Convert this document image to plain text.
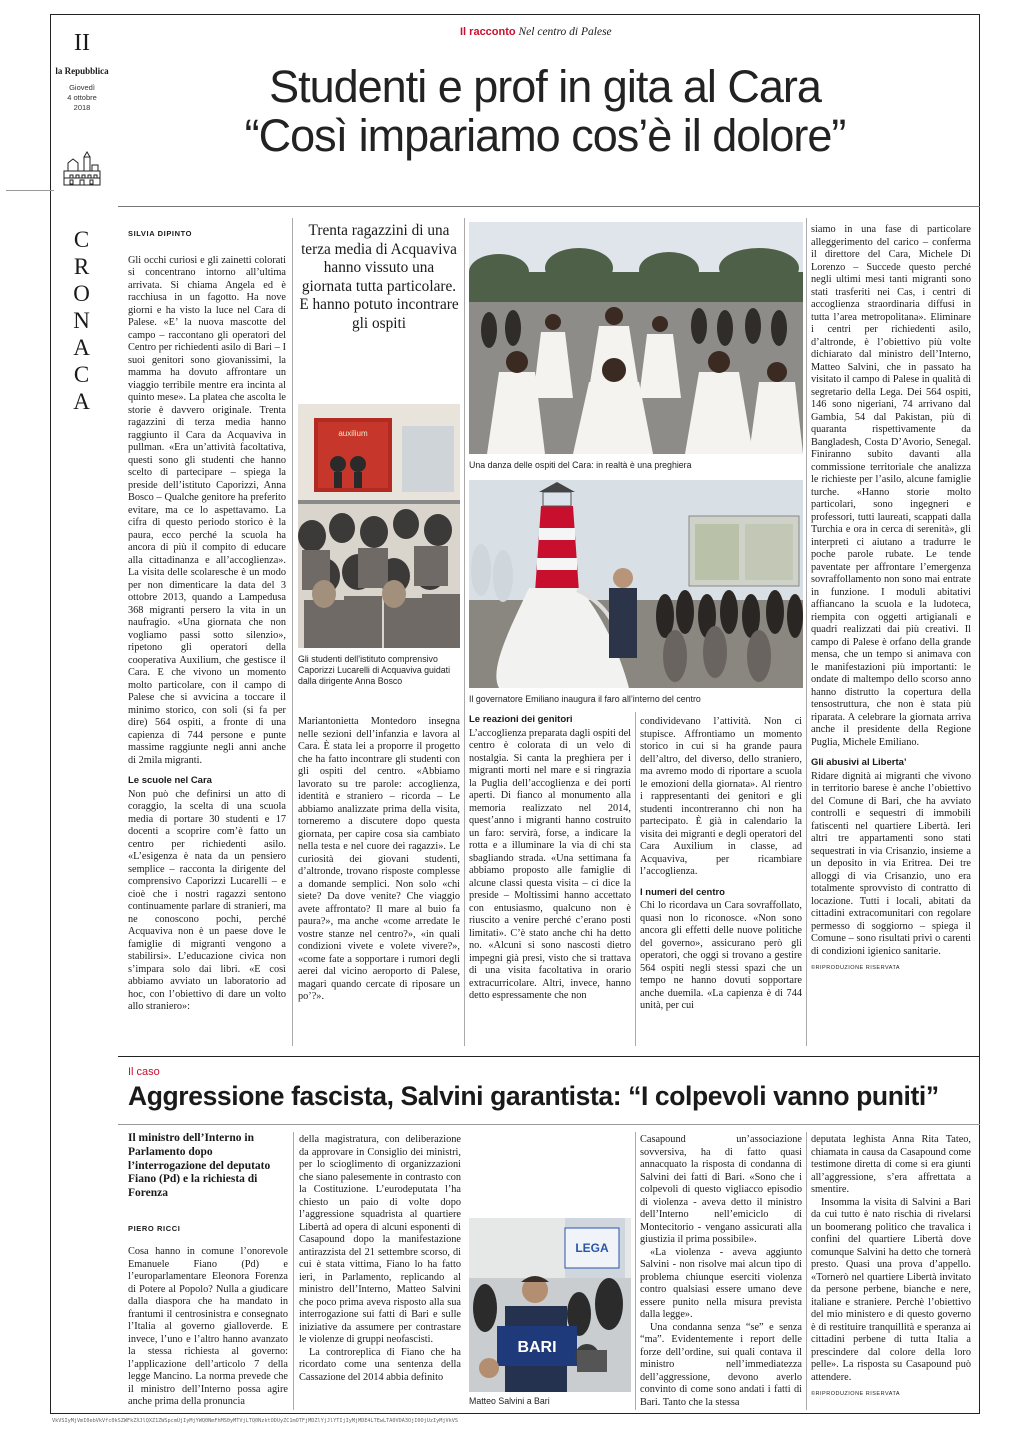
II
la Repubblica
Giovedì
4 ottobre
2018
C
R
O
N
A
C
A
Il racconto Nel centro di Palese
Studenti e prof in gita al Cara
“Così impariamo cos’è il dolore”
SILVIA DIPINTO

Gli occhi curiosi e gli zainetti colorati si concentrano intorno all’ultima arrivata. Si chiama Angela ed è racchiusa in un fagotto. Ha nove giorni e ha visto la luce nel Cara di Palese. «E’ la nuova mascotte del campo – raccontano gli operatori del Centro per richiedenti asilo di Bari – I suoi genitori sono giovanissimi, la mamma ha dovuto affrontare un viaggio terribile mentre era incinta al quinto mese». La platea che ascolta le storie è davvero originale. Trenta ragazzini di terza media hanno raggiunto il Cara da Acquaviva in pullman. «Era un’attività facoltativa, questi sono gli studenti che hanno scelto di partecipare – spiega la preside dell’istituto Caporizzi, Anna Bosco – Qualche genitore ha preferito evitare, ma ce lo aspettavamo. La cifra di questo periodo storico è la paura, ecco perché la scuola ha ancora di più il compito di educare alla cittadinanza e all’accoglienza». La visita delle scolaresche è un modo per non dimenticare la data del 3 ottobre 2013, quando a Lampedusa 368 migranti persero la vita in un naufragio. «Una giornata che non vogliamo passi sotto silenzio», ripetono gli operatori della cooperativa Auxilium, che gestisce il Cara. E che vivono un momento molto particolare, con il campo di Palese che si avvicina a toccare il minimo storico, con soli (si fa per dire) 564 ospiti, a fronte di una capienza di 744 persone e punte massime raggiunte negli anni anche di 2mila migranti.

Le scuole nel Cara

Non può che definirsi un atto di coraggio, la scelta di una scuola media di portare 30 studenti e 17 docenti a scoprire com’è fatto un centro per richiedenti asilo. «L’esigenza è nata da un pensiero semplice – racconta la dirigente del comprensivo Caporizzi Lucarelli – e cioè che i nostri ragazzi sentono continuamente parlare di stranieri, ma ne conoscono pochi, perché Acquaviva non è un paese dove le famiglie di migranti vengono a stabilirsi». L’educazione civica non s’impara solo dai libri. «E così abbiamo avviato un laboratorio ad hoc, con l’obiettivo di dare un volto allo straniero»:

Trenta ragazzini di una terza media di Acquaviva hanno vissuto una giornata tutta particolare. E hanno potuto incontrare gli ospiti
auxilium
Gli studenti dell’istituto comprensivo Caporizzi Lucarelli di Acquaviva guidati dalla dirigente Anna Bosco

Mariantonietta Montedoro insegna nelle sezioni dell’infanzia e lavora al Cara. È stata lei a proporre il progetto che ha fatto incontrare gli studenti con gli ospiti del centro. «Abbiamo lavorato su tre parole: accoglienza, identità e straniero – ricorda – Le abbiamo analizzate prima della visita, torneremo a discutere dopo questa giornata, per capire cosa sia cambiato nella testa e nel cuore dei ragazzi». Le curiosità dei giovani studenti, d’altronde, trovano risposte complesse a domande semplici. Non solo «chi siete? Da dove venite? Che viaggio avete affrontato? Il mare al buio fa paura?», ma anche «come arredate le vostre stanze nel centro?», «in quali condizioni vivete e volete vivere?», «come fate a sopportare i rumori degli aerei dal vicino aeroporto di Palese, magari quando cercate di riposare un po’?».

Una danza delle ospiti del Cara: in realtà è una preghiera
Il governatore Emiliano inaugura il faro all’interno del centro
Le reazioni dei genitori

L’accoglienza preparata dagli ospiti del centro è colorata di un velo di nostalgia. Si canta la preghiera per i migranti morti nel mare e si ringrazia la Puglia dell’accoglienza e dei porti aperti. Di fianco al monumento alla memoria realizzato nel 2014, quest’anno i migranti hanno costruito un faro: servirà, forse, a indicare la rotta e a illuminare la via di chi sta sbagliando strada. «Una settimana fa abbiamo proposto alle famiglie di alcune classi questa visita – ci dice la preside – Moltissimi hanno accettato con entusiasmo, qualcuno non è riuscito a venire perché c’erano posti limitati». C’è stato anche chi ha detto no. «Alcuni si sono nascosti dietro impegni già presi, visto che si trattava di una visita facoltativa in orario extracurricolare. Altri, invece, hanno detto espressamente che non

condividevano l’attività. Non ci stupisce. Affrontiamo un momento storico in cui si ha grande paura dell’altro, del diverso, dello straniero, ma avremo modo di riportare a scuola le emozioni della giornata». Al rientro i rappresentanti dei genitori e gli studenti incontreranno chi non ha partecipato. È già in calendario la visita dei migranti e degli operatori del Cara Auxilium in classe, ad Acquaviva, per ricambiare l’accoglienza.

I numeri del centro

Chi lo ricordava un Cara sovraffollato, quasi non lo riconosce. «Non sono ancora gli effetti delle nuove politiche del governo», assicurano però gli operatori, che oggi si trovano a gestire 564 ospiti negli stessi spazi che un tempo ne hanno dovuti sopportare anche duemila. «La capienza è di 744 unità, per cui

siamo in una fase di particolare alleggerimento del carico – conferma il direttore del Cara, Michele Di Lorenzo – Succede questo perché negli ultimi mesi tanti migranti sono stati trasferiti nei Cas, i centri di accoglienza straordinaria diffusi in tutta l’area metropolitana». Eliminare i centri per richiedenti asilo, d’altronde, è l’obiettivo più volte dichiarato dal ministro dell’Interno, Matteo Salvini, che in passato ha visitato il campo di Palese in qualità di segretario della Lega. Dei 564 ospiti, 146 sono nigeriani, 74 arrivano dal Gambia, 54 dal Pakistan, più di quaranta rispettivamente da Bangladesh, Costa D’Avorio, Senegal. Finiranno subito davanti alla commissione territoriale che analizza le richieste per l’asilo, alcune famiglie turche. «Hanno storie molto particolari, sono ingegneri e professori, tutti laureati, scappati dalla Turchia e ora in cerca di serenità», gli interpreti ci aiutano a tradurre le poche parole rubate. Le tende paventate per affrontare l’emergenza sovraffollamento non sono mai entrate in funzione. I moduli abitativi affiancano la scuola e la ludoteca, riempita con oggetti artigianali e quadri realizzati dai più creativi. Il campo di Palese è orfano della grande mensa, che un tempo si animava con le manifestazioni più importanti: le ondate di maltempo dello scorso anno hanno distrutto la copertura della tensostruttura, che non è stata più riparata. A celebrare la giornata arriva anche il presidente della Regione Puglia, Michele Emiliano.

Gli abusivi al Liberta’

Ridare dignità ai migranti che vivono in territorio barese è anche l’obiettivo del Comune di Bari, che ha avviato controlli e sequestri di immobili fatiscenti nel quartiere Libertà. Ieri altri tre appartamenti sono stati sequestrati in via Crisanzio, insieme a un deposito in via Eritrea. Dei tre alloggi di via Crisanzio, uno era totalmente sprovvisto di contratto di locazione. Tutti i locali, abitati da cittadini extracomunitari con regolare permesso di soggiorno – spiega il Comune – sono risultati privi o carenti di condizioni igienico sanitarie.

©RIPRODUZIONE RISERVATA
Il caso
Aggressione fascista, Salvini garantista: “I colpevoli vanno puniti”
Il ministro dell’Interno in Parlamento dopo l’interrogazione del deputato Fiano (Pd) e la richiesta di Forenza
PIERO RICCI

Cosa hanno in comune l’onorevole Emanuele Fiano (Pd) e l’europarlamentare Eleonora Forenza di Potere al Popolo? Nulla a giudicare dalla diaspora che ha mandato in frantumi il centrosinistra e consegnato l’Italia al governo gialloverde. E invece, l’uno e l’altro hanno avanzato la stessa richiesta al governo: l’applicazione dell’articolo 7 della legge Mancino. La norma prevede che il ministro dell’Interno possa agire anche prima della pronuncia

della magistratura, con deliberazione da approvare in Consiglio dei ministri, per lo scioglimento di organizzazioni che siano palesemente in contrasto con la Costituzione. L’eurodeputata l’ha chiesto un paio di volte dopo l’aggressione squadrista al quartiere Libertà ad opera di alcuni esponenti di Casapound dopo la manifestazione antirazzista del 21 settembre scorso, di cui è stata vittima, Fiano lo ha fatto ieri, in Parlamento, replicando al ministro dell’Interno, Matteo Salvini che poco prima aveva risposto alla sua interrogazione sui fatti di Bari e sulle iniziative da assumere per contrastare le violenze di gruppi neofascisti.

La controreplica di Fiano che ha ricordato come una sentenza della Cassazione del 2014 abbia definito

LEGA
BARI
Matteo Salvini a Bari

Casapound un’associazione sovversiva, ha di fatto quasi annacquato la risposta di condanna di Salvini dei fatti di Bari. «Sono che i colpevoli di questo vigliacco episodio di violenza - aveva detto il ministro dell’Interno nell’emiciclo di Montecitorio - vengano assicurati alla giustizia il prima possibile».

«La violenza - aveva aggiunto Salvini - non risolve mai alcun tipo di problema chiunque eserciti violenza contro qualsiasi essere umano deve essere punito nella misura prevista dalla legge».

Una condanna senza “se” e senza “ma”. Evidentemente i report delle forze dell’ordine, sui quali contava il ministro nell’immediatezza dell’aggressione, devono averlo convinto di come sono andati i fatti di Bari. Tanto che la stessa

deputata leghista Anna Rita Tateo, chiamata in causa da Casapound come testimone diretta di come si era giunti all’aggressione, s’era affrettata a smentire.

Insomma la visita di Salvini a Bari da cui tutto è nato rischia di rivelarsi un boomerang politico che travalica i confini del quartiere Libertà dove comunque Salvini ha detto che tornerà presto. Quasi una prova d’appello. «Tornerò nel quartiere Libertà invitato da persone perbene, bianche e nere, italiane e straniere. Perchè l’obiettivo del mio ministero e di questo governo è di restituire tranquillità e speranza ai cittadini perbene di tutta Italia a prescindere dal colore della loro pelle». La risposta su Casapound può attendere.

©RIPRODUZIONE RISERVATA
VkVSIyMjVmI0ebVkVfc0kSZWFkZXJlQXZ1ZWSpcmUjIyMjYWQ0NmFhMS0yMTVjLTQ0NzktODUyZC1mOTFjMDZlYjJlYTIjIyMjMDE4LTEwLTA0VDA3OjI0OjUzIyMjVkVS
